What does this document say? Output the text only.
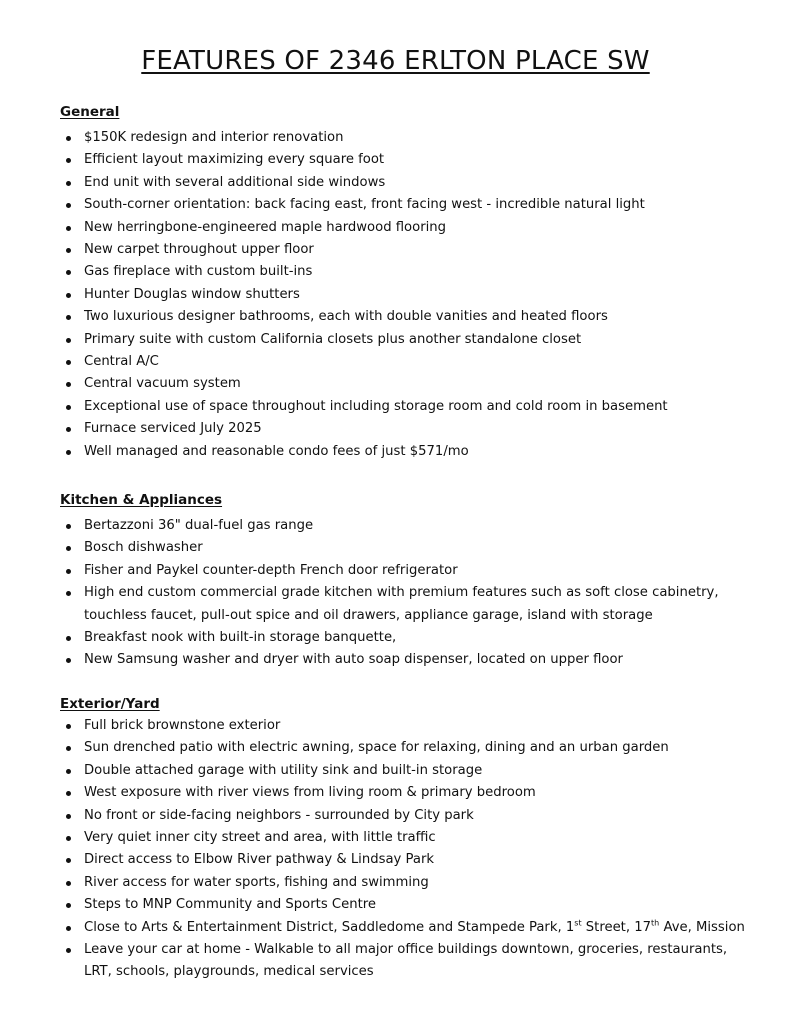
FEATURES OF 2346 ERLTON PLACE SW
General
$150K redesign and interior renovation
Efficient layout maximizing every square foot
End unit with several additional side windows
South-corner orientation: back facing east, front facing west - incredible natural light
New herringbone-engineered maple hardwood flooring
New carpet throughout upper floor
Gas fireplace with custom built-ins
Hunter Douglas window shutters
Two luxurious designer bathrooms, each with double vanities and heated floors
Primary suite with custom California closets plus another standalone closet
Central A/C
Central vacuum system
Exceptional use of space throughout including storage room and cold room in basement
Furnace serviced July 2025
Well managed and reasonable condo fees of just $571/mo
Kitchen & Appliances
Bertazzoni 36" dual-fuel gas range
Bosch dishwasher
Fisher and Paykel counter-depth French door refrigerator
High end custom commercial grade kitchen with premium features such as soft close cabinetry, touchless faucet, pull-out spice and oil drawers, appliance garage, island with storage
Breakfast nook with built-in storage banquette,
New Samsung washer and dryer with auto soap dispenser, located on upper floor
Exterior/Yard
Full brick brownstone exterior
Sun drenched patio with electric awning, space for relaxing, dining and an urban garden
Double attached garage with utility sink and built-in storage
West exposure with river views from living room & primary bedroom
No front or side-facing neighbors - surrounded by City park
Very quiet inner city street and area, with little traffic
Direct access to Elbow River pathway & Lindsay Park
River access for water sports, fishing and swimming
Steps to MNP Community and Sports Centre
Close to Arts & Entertainment District, Saddledome and Stampede Park, 1st Street, 17th Ave, Mission
Leave your car at home - Walkable to all major office buildings downtown, groceries, restaurants, LRT, schools, playgrounds, medical services
